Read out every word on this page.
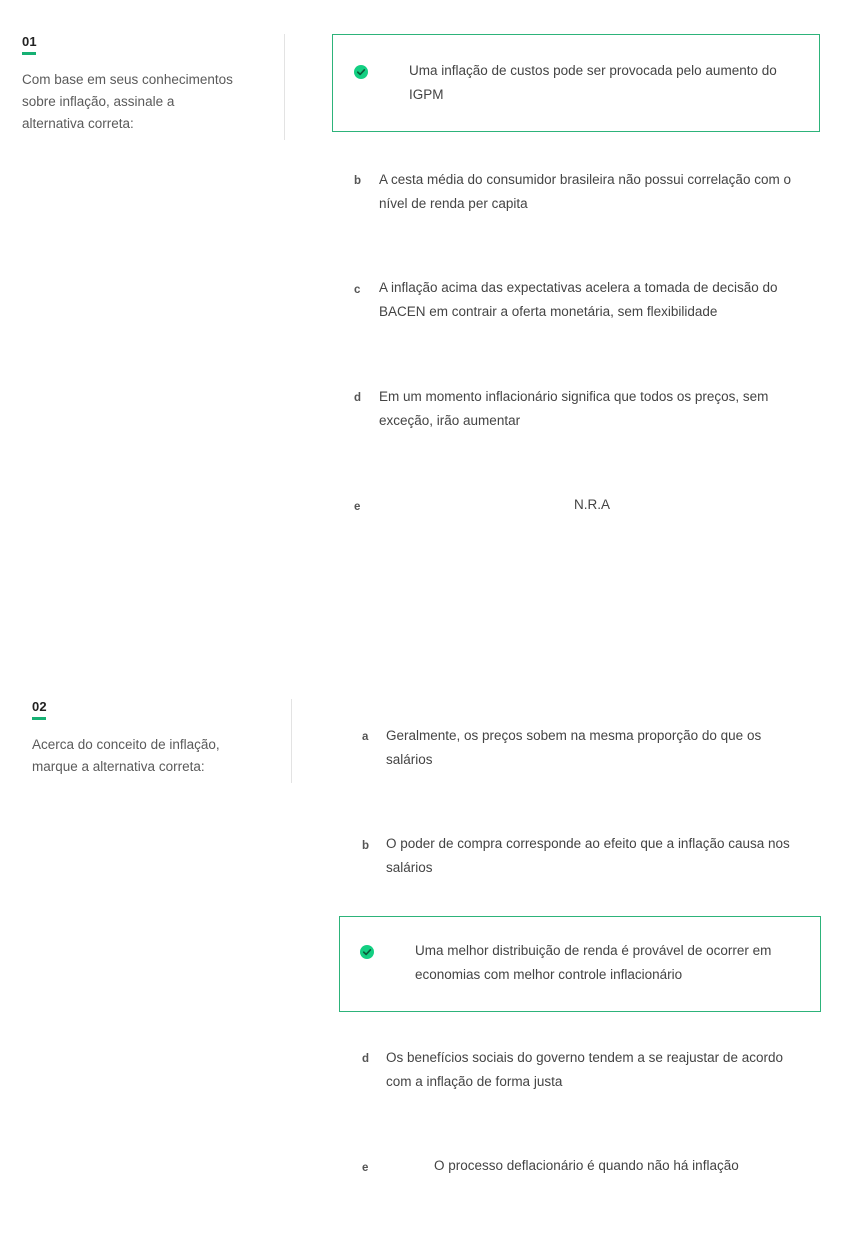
01
Com base em seus conhecimentos sobre inflação, assinale a alternativa correta:
Uma inflação de custos pode ser provocada pelo aumento do IGPM
b A cesta média do consumidor brasileira não possui correlação com o nível de renda per capita
c A inflação acima das expectativas acelera a tomada de decisão do BACEN em contrair a oferta monetária, sem flexibilidade
d Em um momento inflacionário significa que todos os preços, sem exceção, irão aumentar
e	N.R.A
02
Acerca do conceito de inflação, marque a alternativa correta:
a Geralmente, os preços sobem na mesma proporção do que os salários
b O poder de compra corresponde ao efeito que a inflação causa nos salários
Uma melhor distribuição de renda é provável de ocorrer em economias com melhor controle inflacionário
d Os benefícios sociais do governo tendem a se reajustar de acordo com a inflação de forma justa
e	O processo deflacionário é quando não há inflação
